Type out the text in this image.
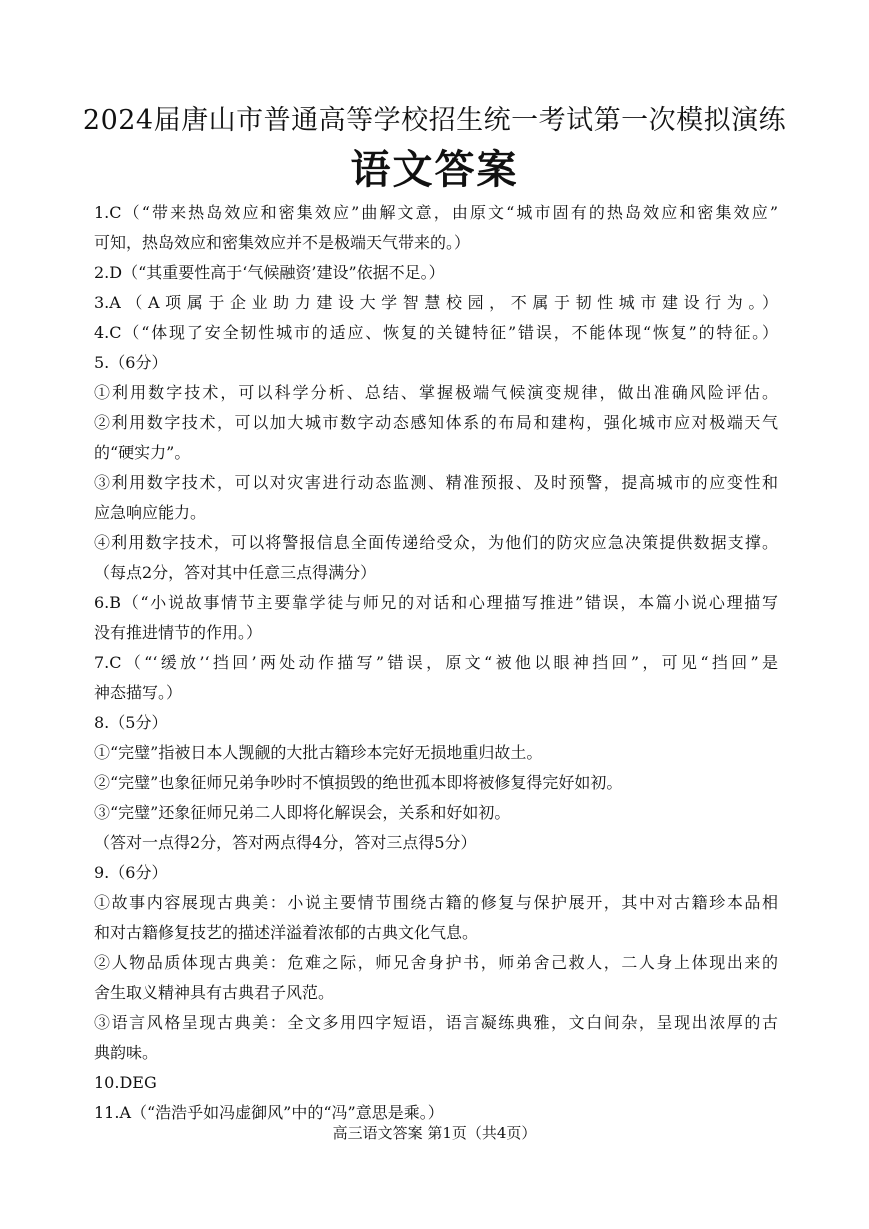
2024届唐山市普通高等学校招生统一考试第一次模拟演练
语文答案
1.C（“带来热岛效应和密集效应”曲解文意，由原文“城市固有的热岛效应和密集效应”
可知，热岛效应和密集效应并不是极端天气带来的。）
2.D（“其重要性高于‘气候融资’建设”依据不足。）
3.A（A项属于企业助力建设大学智慧校园，不属于韧性城市建设行为。）
4.C（“体现了安全韧性城市的适应、恢复的关键特征”错误，不能体现“恢复”的特征。）
5.（6分）
①利用数字技术，可以科学分析、总结、掌握极端气候演变规律，做出准确风险评估。
②利用数字技术，可以加大城市数字动态感知体系的布局和建构，强化城市应对极端天气
的“硬实力”。
③利用数字技术，可以对灾害进行动态监测、精准预报、及时预警，提高城市的应变性和
应急响应能力。
④利用数字技术，可以将警报信息全面传递给受众，为他们的防灾应急决策提供数据支撑。
（每点2分，答对其中任意三点得满分）
6.B（“小说故事情节主要靠学徒与师兄的对话和心理描写推进”错误，本篇小说心理描写
没有推进情节的作用。）
7.C（“‘缓放’‘挡回’两处动作描写”错误，原文“被他以眼神挡回”，可见“挡回”是
神态描写。）
8.（5分）
①“完璧”指被日本人觊觎的大批古籍珍本完好无损地重归故土。
②“完璧”也象征师兄弟争吵时不慎损毁的绝世孤本即将被修复得完好如初。
③“完璧”还象征师兄弟二人即将化解误会，关系和好如初。
（答对一点得2分，答对两点得4分，答对三点得5分）
9.（6分）
①故事内容展现古典美：小说主要情节围绕古籍的修复与保护展开，其中对古籍珍本品相
和对古籍修复技艺的描述洋溢着浓郁的古典文化气息。
②人物品质体现古典美：危难之际，师兄舍身护书，师弟舍己救人，二人身上体现出来的
舍生取义精神具有古典君子风范。
③语言风格呈现古典美：全文多用四字短语，语言凝练典雅，文白间杂，呈现出浓厚的古
典韵味。
10.DEG
11.A（“浩浩乎如冯虚御风”中的“冯”意思是乘。）
高三语文答案 第1页（共4页）
